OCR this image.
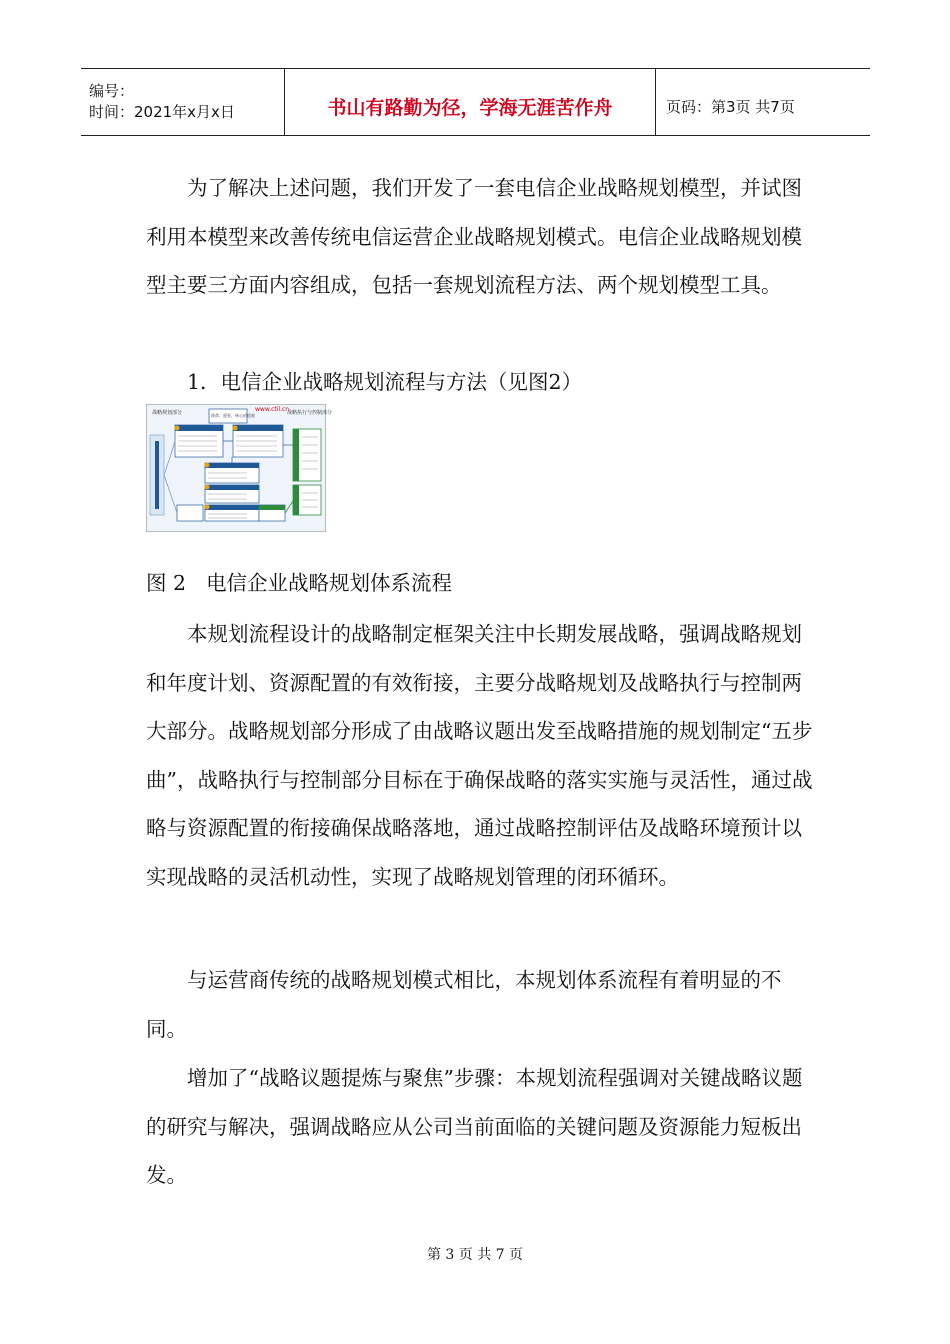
编号：
时间：2021年x月x日	书山有路勤为径，学海无涯苦作舟	页码：第3页 共7页

为了解决上述问题，我们开发了一套电信企业战略规划模型，并试图利用本模型来改善传统电信运营企业战略规划模式。电信企业战略规划模型主要三方面内容组成，包括一套规划流程方法、两个规划模型工具。

1．电信企业战略规划流程与方法（见图2）

战略规划部分	战略执行与控制部分
www.ctil.cn
使命、愿景、核心价值观
图 2 电信企业战略规划体系流程

本规划流程设计的战略制定框架关注中长期发展战略，强调战略规划和年度计划、资源配置的有效衔接，主要分战略规划及战略执行与控制两大部分。战略规划部分形成了由战略议题出发至战略措施的规划制定“五步曲”，战略执行与控制部分目标在于确保战略的落实实施与灵活性，通过战略与资源配置的衔接确保战略落地，通过战略控制评估及战略环境预计以实现战略的灵活机动性，实现了战略规划管理的闭环循环。

与运营商传统的战略规划模式相比，本规划体系流程有着明显的不同。

增加了“战略议题提炼与聚焦”步骤：本规划流程强调对关键战略议题的研究与解决，强调战略应从公司当前面临的关键问题及资源能力短板出发。

第 3 页 共 7 页
